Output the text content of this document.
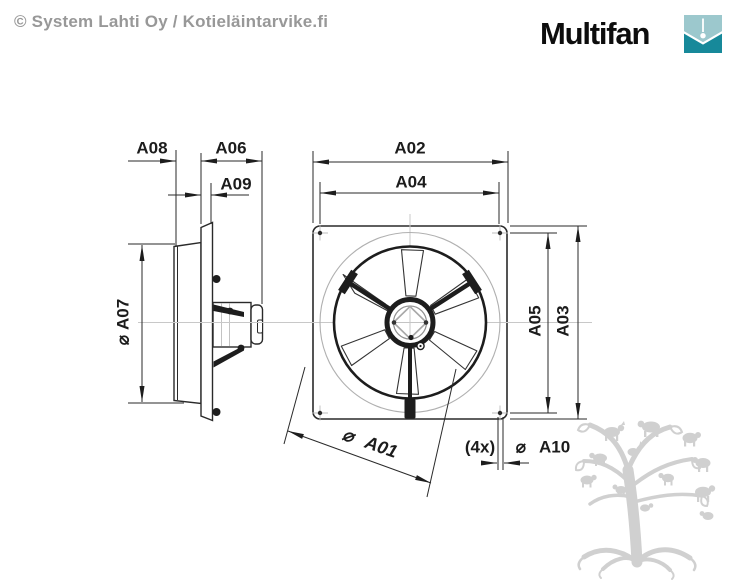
© System Lahti Oy / Kotieläintarvike.fi	Multifan
A08	A06
A09
A02
A04
⌀
A07	A05 A03
⌀ A01	(4x) ⌀ A10
